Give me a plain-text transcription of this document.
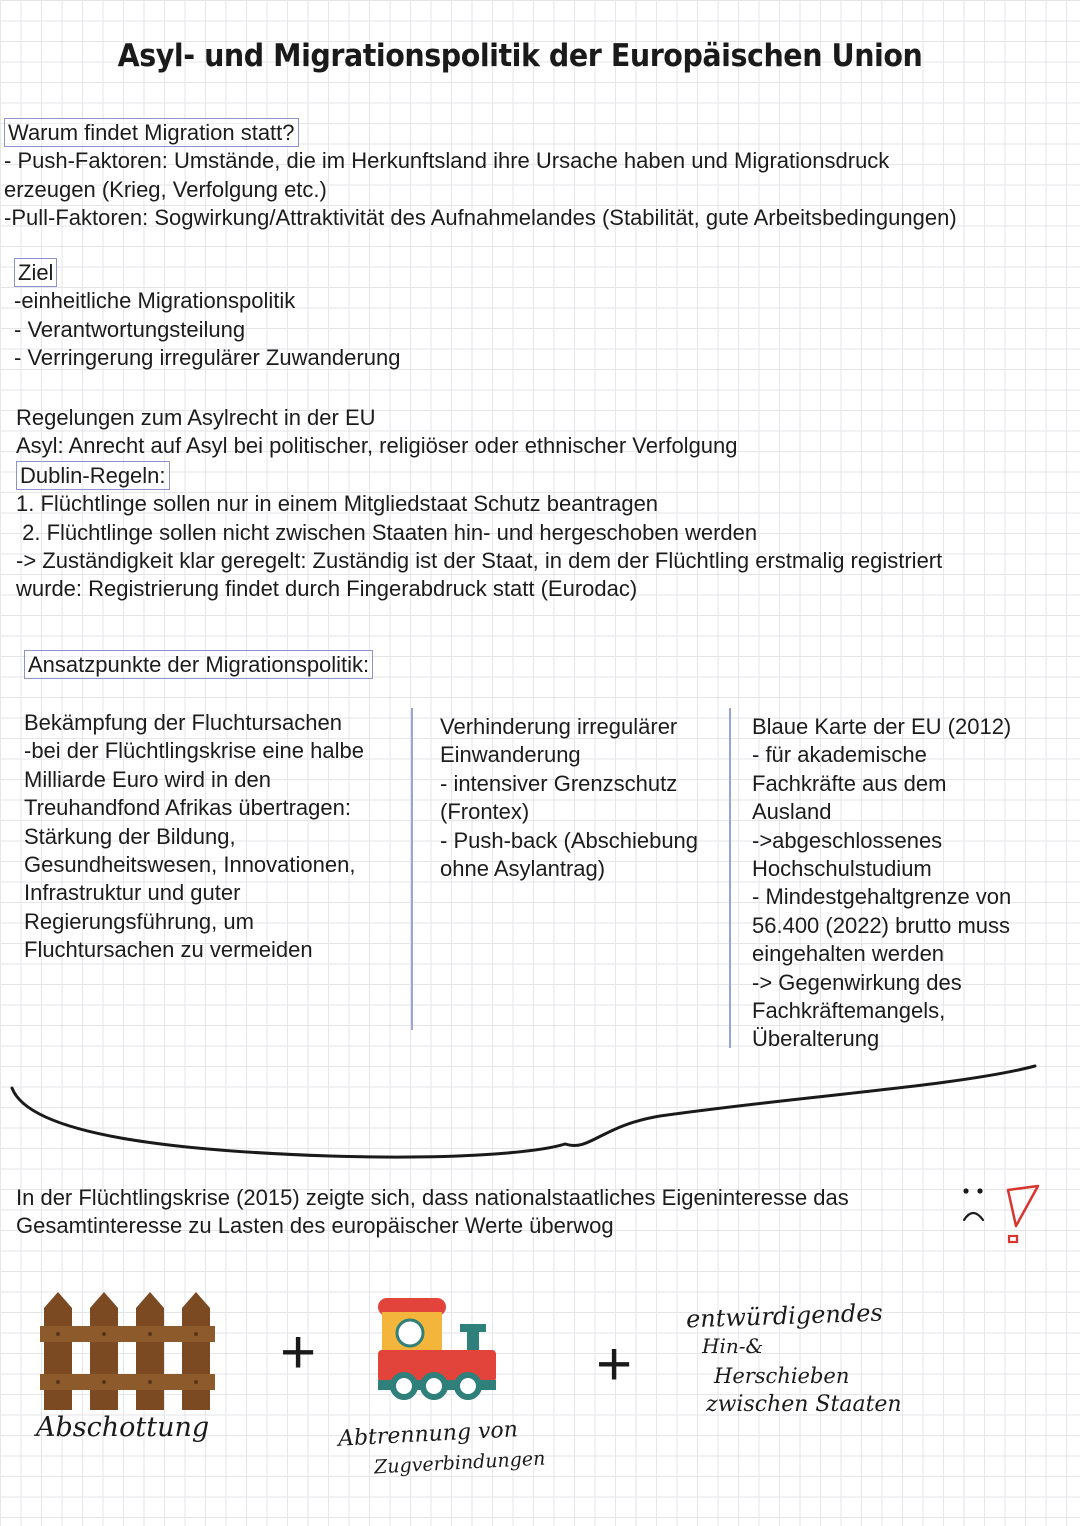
Asyl- und Migrationspolitik der Europäischen Union
Warum findet Migration statt?
- Push-Faktoren: Umstände, die im Herkunftsland ihre Ursache haben und Migrationsdruck
erzeugen (Krieg, Verfolgung etc.)
-Pull-Faktoren: Sogwirkung/Attraktivität des Aufnahmelandes (Stabilität, gute Arbeitsbedingungen)
Ziel
-einheitliche Migrationspolitik
- Verantwortungsteilung
- Verringerung irregulärer Zuwanderung
Regelungen zum Asylrecht in der EU
Asyl: Anrecht auf Asyl bei politischer, religiöser oder ethnischer Verfolgung
Dublin-Regeln:
1. Flüchtlinge sollen nur in einem Mitgliedstaat Schutz beantragen
2. Flüchtlinge sollen nicht zwischen Staaten hin- und hergeschoben werden
-> Zuständigkeit klar geregelt: Zuständig ist der Staat, in dem der Flüchtling erstmalig registriert
wurde: Registrierung findet durch Fingerabdruck statt (Eurodac)
Ansatzpunkte der Migrationspolitik:
Bekämpfung der Fluchtursachen
-bei der Flüchtlingskrise eine halbe
Milliarde Euro wird in den
Treuhandfond Afrikas übertragen:
Stärkung der Bildung,
Gesundheitswesen, Innovationen,
Infrastruktur und guter
Regierungsführung, um
Fluchtursachen zu vermeiden
Verhinderung irregulärer
Einwanderung
- intensiver Grenzschutz
(Frontex)
- Push-back (Abschiebung
ohne Asylantrag)
Blaue Karte der EU (2012)
- für akademische
Fachkräfte aus dem
Ausland
->abgeschlossenes
Hochschulstudium
- Mindestgehaltgrenze von
56.400 (2022) brutto muss
eingehalten werden
-> Gegenwirkung des
Fachkräftemangels,
Überalterung
In der Flüchtlingskrise (2015) zeigte sich, dass nationalstaatliches Eigeninteresse das
Gesamtinteresse zu Lasten des europäischer Werte überwog
Abschottung
+
Abtrennung von
Zugverbindungen
+
entwürdigendes
Hin-&
Herschieben
zwischen Staaten
